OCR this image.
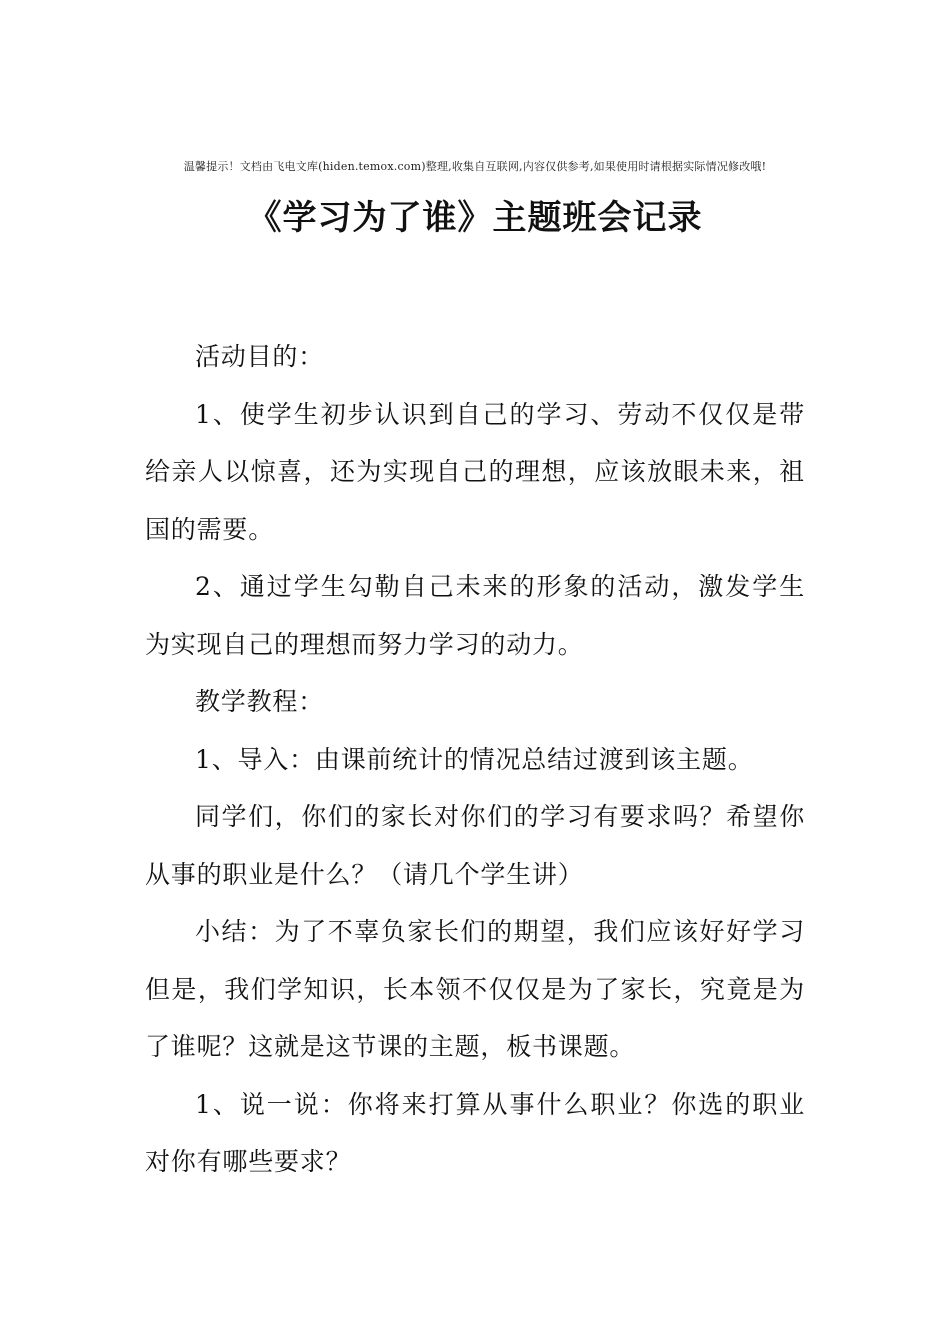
温馨提示！文档由飞电文库(hiden.temox.com)整理,收集自互联网,内容仅供参考,如果使用时请根据实际情况修改哦!
《学习为了谁》主题班会记录

活动目的：

1、使学生初步认识到自己的学习、劳动不仅仅是带给亲人以惊喜，还为实现自己的理想，应该放眼未来，祖国的需要。

2、通过学生勾勒自己未来的形象的活动，激发学生为实现自己的理想而努力学习的动力。

教学教程：

1、导入：由课前统计的情况总结过渡到该主题。

同学们，你们的家长对你们的学习有要求吗？希望你从事的职业是什么？（请几个学生讲）

小结：为了不辜负家长们的期望，我们应该好好学习但是，我们学知识，长本领不仅仅是为了家长，究竟是为了谁呢？这就是这节课的主题，板书课题。

1、说一说：你将来打算从事什么职业？你选的职业对你有哪些要求？
